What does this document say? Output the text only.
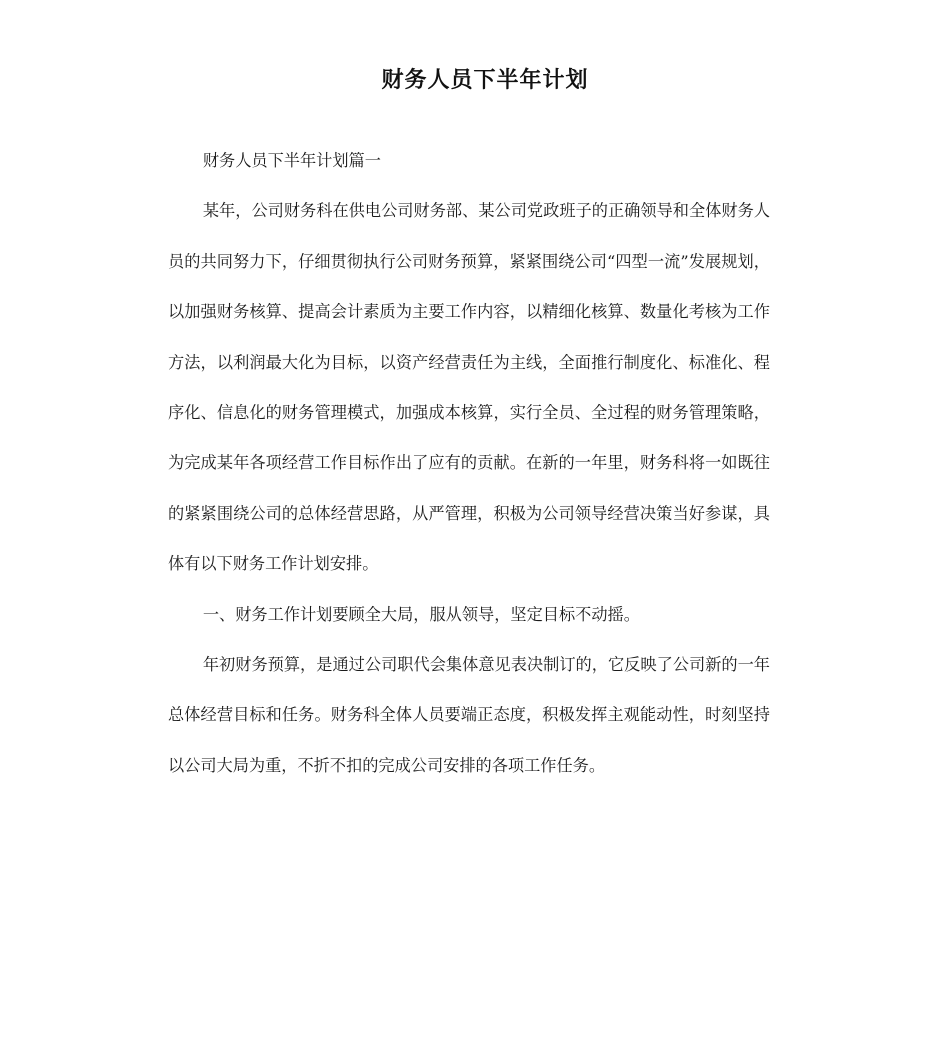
财务人员下半年计划

财务人员下半年计划篇一

某年，公司财务科在供电公司财务部、某公司党政班子的正确领导和全体财务人员的共同努力下，仔细贯彻执行公司财务预算，紧紧围绕公司“四型一流”发展规划，以加强财务核算、提高会计素质为主要工作内容，以精细化核算、数量化考核为工作方法，以利润最大化为目标，以资产经营责任为主线，全面推行制度化、标准化、程序化、信息化的财务管理模式，加强成本核算，实行全员、全过程的财务管理策略，为完成某年各项经营工作目标作出了应有的贡献。在新的一年里，财务科将一如既往的紧紧围绕公司的总体经营思路，从严管理，积极为公司领导经营决策当好参谋，具体有以下财务工作计划安排。

一、财务工作计划要顾全大局，服从领导，坚定目标不动摇。

年初财务预算，是通过公司职代会集体意见表决制订的，它反映了公司新的一年总体经营目标和任务。财务科全体人员要端正态度，积极发挥主观能动性，时刻坚持以公司大局为重，不折不扣的完成公司安排的各项工作任务。
